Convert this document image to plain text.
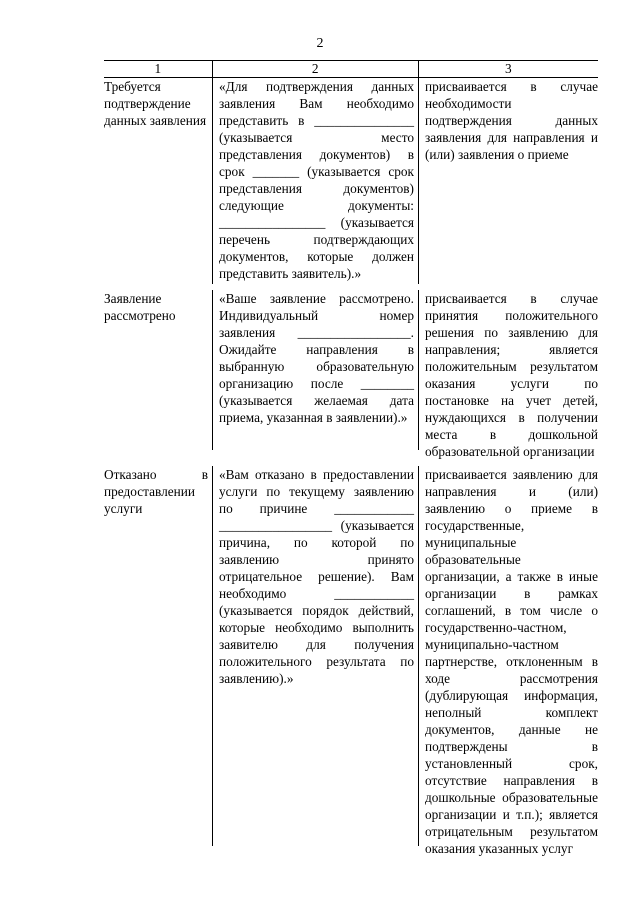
2
1	2	3
Требуется подтверждение данных заявления
«Для подтверждения данных заявления Вам необходимо представить в _______________ (указывается место представления документов) в срок _______ (указывается срок представления документов) следующие документы: ________________ (указывается перечень подтверждающих документов, которые должен представить заявитель).»
присваивается в случае необходимости подтверждения данных заявления для направления и (или) заявления о приеме
Заявление рассмотрено
«Ваше заявление рассмотрено. Индивидуальный номер заявления _________________. Ожидайте направления в выбранную образовательную организацию после ________ (указывается желаемая дата приема, указанная в заявлении).»
присваивается в случае принятия положительного решения по заявлению для направления; является положительным результатом оказания услуги по постановке на учет детей, нуждающихся в получении места в дошкольной образовательной организации
Отказано в предоставлении услуги
«Вам отказано в предоставлении услуги по текущему заявлению по причине ____________ _________________ (указывается причина, по которой по заявлению принято отрицательное решение). Вам необходимо ____________ (указывается порядок действий, которые необходимо выполнить заявителю для получения положительного результата по заявлению).»
присваивается заявлению для направления и (или) заявлению о приеме в государственные, муниципальные образовательные организации, а также в иные организации в рамках соглашений, в том числе о государственно-частном, муниципально-частном партнерстве, отклоненным в ходе рассмотрения (дублирующая информация, неполный комплект документов, данные не подтверждены в установленный срок, отсутствие направления в дошкольные образовательные организации и т.п.); является отрицательным результатом оказания указанных услуг
